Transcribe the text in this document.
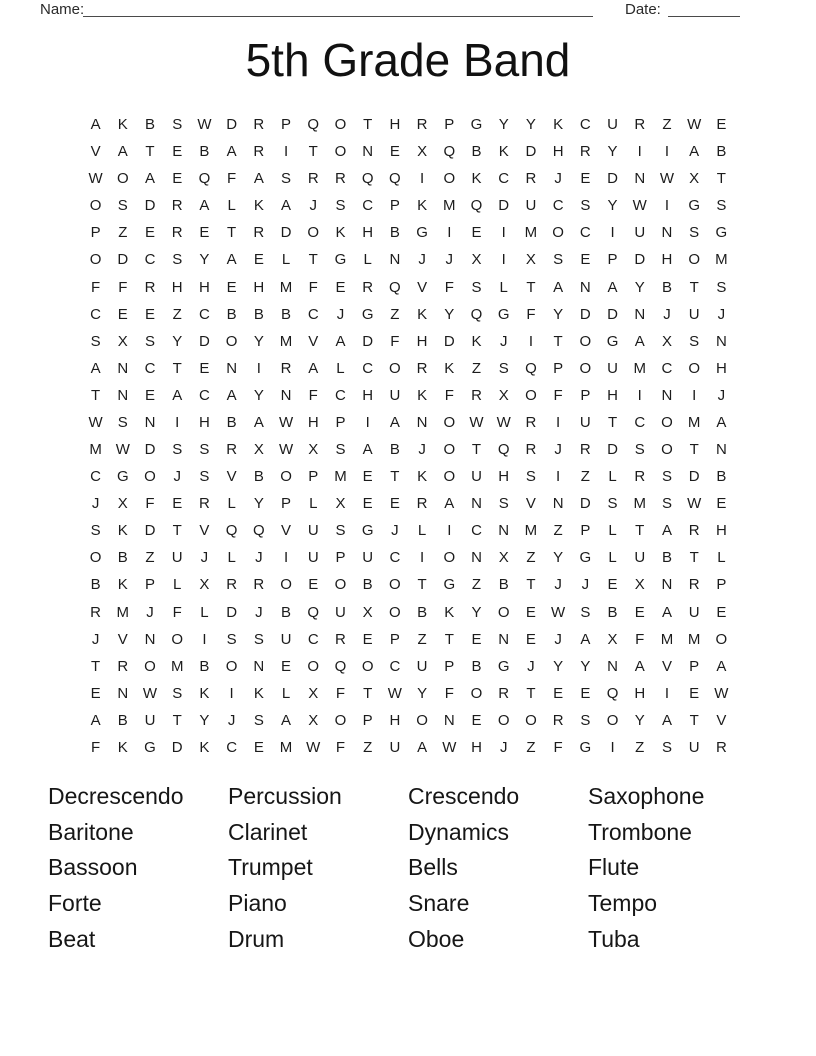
Name:	Date:
5th Grade Band
A	K	B	S	W D	R	P	Q	O	T	H	R	P	G	Y	Y	K	C	U	R	Z	W	E
V	A	T	E	B	A	R	I	T	O	N	E	X	Q	B	K	D	H	R	Y	I	I	A	B
W O	A	E	Q	F	A	S	R	R	Q	Q	I	O	K	C	R	J	E	D	N W	X	T
O	S	D	R	A	L	K	A	J	S	C	P	K	M	Q	D	U	C	S	Y	W	I	G	S
P	Z	E	R	E	T	R	D	O	K	H	B	G	I	E	I	M	O	C	I	U	N	S	G
O	D	C	S	Y	A	E	L	T	G	L	N	J	J	X	I	X	S	E	P	D	H	O	M
F	F	R	H	H	E	H	M	F	E	R	Q	V	F	S	L	T	A	N	A	Y	B	T	S
C	E	E	Z	C	B	B	B	C	J	G	Z	K	Y	Q	G	F	Y	D	D	N	J	U	J
S	X	S	Y	D	O	Y	M	V	A	D	F	H	D	K	J	I	T	O	G	A	X	S	N
A	N	C	T	E	N	I	R	A	L	C	O	R	K	Z	S	Q	P	O	U	M	C	O	H
T	N	E	A	C	A	Y	N	F	C	H	U	K	F	R	X	O	F	P	H	I	N	I	J
W	S	N	I	H	B	A	W H	P	I	A	N	O W W R	I	U	T	C	O	M	A
M W D	S	S	R	X	W	X	S	A	B	J	O	T	Q	R	J	R	D	S	O	T	N
C	G	O	J	S	V	B	O	P	M	E	T	K	O	U	H	S	I	Z	L	R	S	D	B
J	X	F	E	R	L	Y	P	L	X	E	E	R	A	N	S	V	N	D	S	M	S	W	E
S	K	D	T	V	Q	Q	V	U	S	G	J	L	I	C	N	M	Z	P	L	T	A	R	H
O	B	Z	U	J	L	J	I	U	P	U	C	I	O	N	X	Z	Y	G	L	U	B	T	L
B	K	P	L	X	R	R	O	E	O	B	O	T	G	Z	B	T	J	J	E	X	N	R	P
R	M	J	F	L	D	J	B	Q	U	X	O	B	K	Y	O	E	W	S	B	E	A	U	E
J	V	N	O	I	S	S	U	C	R	E	P	Z	T	E	N	E	J	A	X	F	M M	O
T	R	O	M	B	O	N	E	O	Q	O	C	U	P	B	G	J	Y	Y	N	A	V	P	A
E	N W	S	K	I	K	L	X	F	T	W	Y	F	O	R	T	E	E	Q	H	I	E	W
A	B	U	T	Y	J	S	A	X	O	P	H	O	N	E	O	O	R	S	O	Y	A	T	V
F	K	G	D	K	C	E	M W	F	Z	U	A	W H	J	Z	F	G	I	Z	S	U	R
Decrescendo
Baritone
Bassoon
Forte
Beat
Percussion
Clarinet
Trumpet
Piano
Drum
Crescendo
Dynamics
Bells
Snare
Oboe
Saxophone
Trombone
Flute
Tempo
Tuba
